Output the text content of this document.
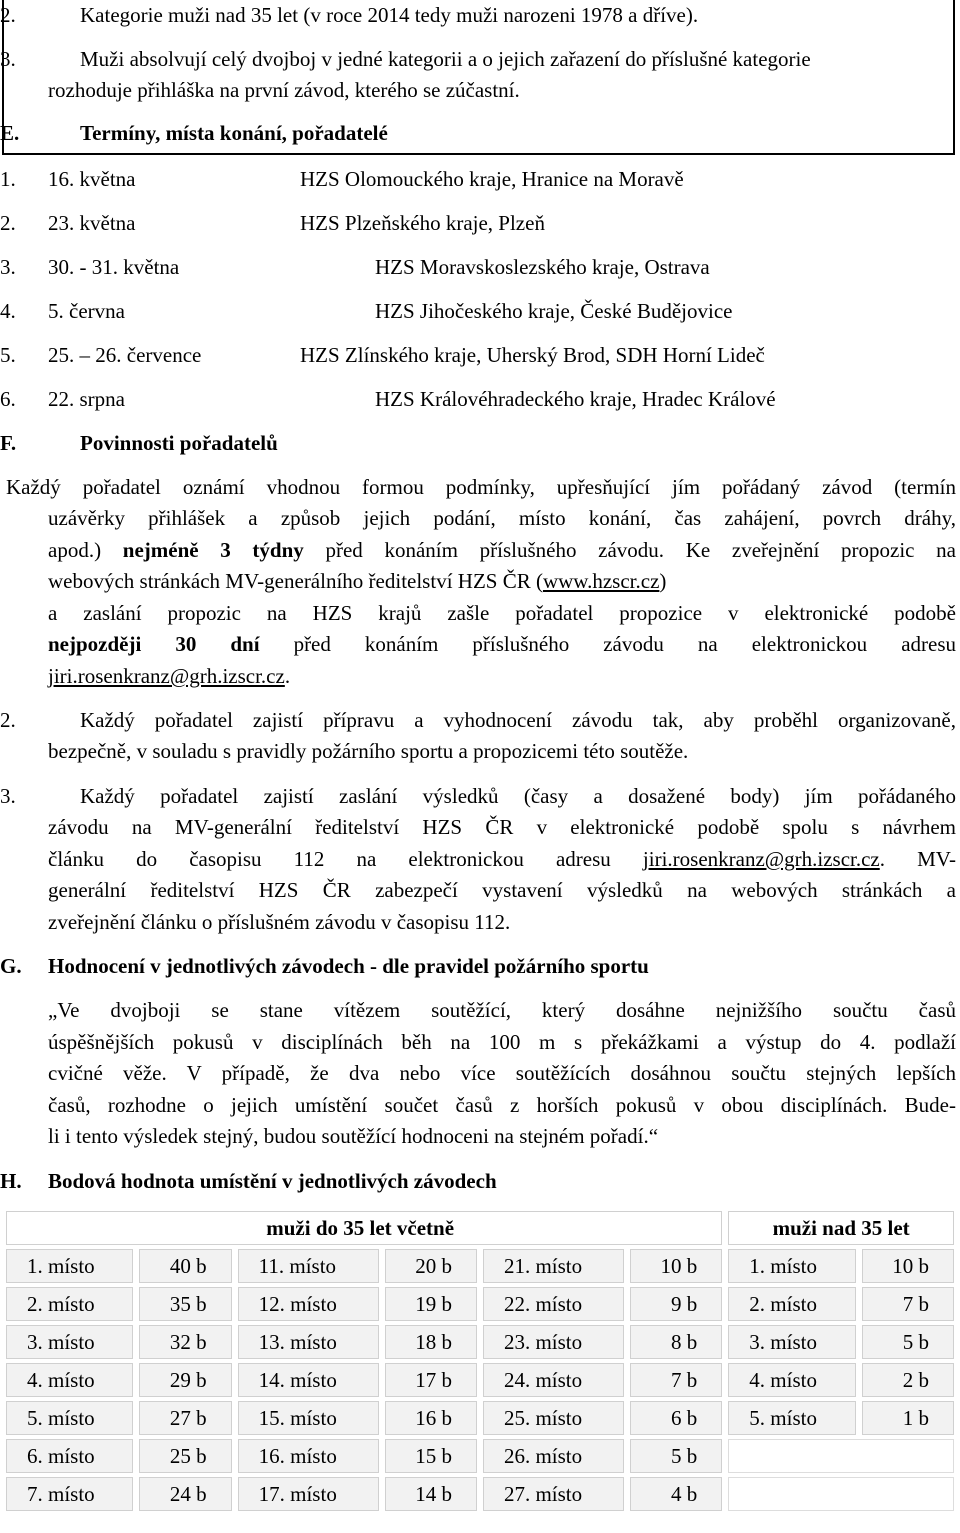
2.	Kategorie muži nad 35 let (v roce 2014 tedy muži narozeni 1978 a dříve).
3.	Muži absolvují celý dvojboj v jedné kategorii a o jejich zařazení do příslušné kategorie
rozhoduje přihláška na první závod, kterého se zúčastní.
E.	Termíny, místa konání, pořadatelé
1. 16. května	HZS Olomouckého kraje, Hranice na Moravě
2. 23. května	HZS Plzeňského kraje, Plzeň
3. 30. - 31. května	HZS Moravskoslezského kraje, Ostrava
4. 5. června	HZS Jihočeského kraje, České Budějovice
5. 25. – 26. července	HZS Zlínského kraje, Uherský Brod, SDH Horní Lideč
6. 22. srpna	HZS Královéhradeckého kraje, Hradec Králové
F.	Povinnosti pořadatelů
Každý pořadatel oznámí vhodnou formou podmínky, upřesňující jím pořádaný závod (termín
uzávěrky přihlášek a způsob jejich podání, místo konání, čas zahájení, povrch dráhy,
apod.) nejméně 3 týdny před konáním příslušného závodu. Ke zveřejnění propozic na
webových stránkách MV-generálního ředitelství HZS ČR (www.hzscr.cz)
a zaslání propozic na HZS krajů zašle pořadatel propozice v elektronické podobě
nejpozději 30 dní před konáním příslušného závodu na elektronickou adresu
jiri.rosenkranz@grh.izscr.cz.
2.	Každý pořadatel zajistí přípravu a vyhodnocení závodu tak, aby proběhl organizovaně,
bezpečně, v souladu s pravidly požárního sportu a propozicemi této soutěže.
3.	Každý pořadatel zajistí zaslání výsledků (časy a dosažené body) jím pořádaného
závodu na MV-generální ředitelství HZS ČR v elektronické podobě spolu s návrhem
článku do časopisu 112 na elektronickou adresu jiri.rosenkranz@grh.izscr.cz. MV-
generální ředitelství HZS ČR zabezpečí vystavení výsledků na webových stránkách a
zveřejnění článku o příslušném závodu v časopisu 112.
G. Hodnocení v jednotlivých závodech - dle pravidel požárního sportu
„Ve dvojboji se stane vítězem soutěžící, který dosáhne nejnižšího součtu časů
úspěšnějších pokusů v disciplínách běh na 100 m s překážkami a výstup do 4. podlaží
cvičné věže. V případě, že dva nebo více soutěžících dosáhnou součtu stejných lepších
časů, rozhodne o jejich umístění součet časů z horších pokusů v obou disciplínách. Bude-
li i tento výsledek stejný, budou soutěžící hodnoceni na stejném pořadí.“
H. Bodová hodnota umístění v jednotlivých závodech
muži do 35 let včetně						muži nad 35 let	
1. místo	40 b	11. místo	20 b	21. místo	10 b	1. místo	10 b
2. místo	35 b	12. místo	19 b	22. místo	9 b	2. místo	7 b
3. místo	32 b	13. místo	18 b	23. místo	8 b	3. místo	5 b
4. místo	29 b	14. místo	17 b	24. místo	7 b	4. místo	2 b
5. místo	27 b	15. místo	16 b	25. místo	6 b	5. místo	1 b
6. místo	25 b	16. místo	15 b	26. místo	5 b		
7. místo	24 b	17. místo	14 b	27. místo	4 b		
